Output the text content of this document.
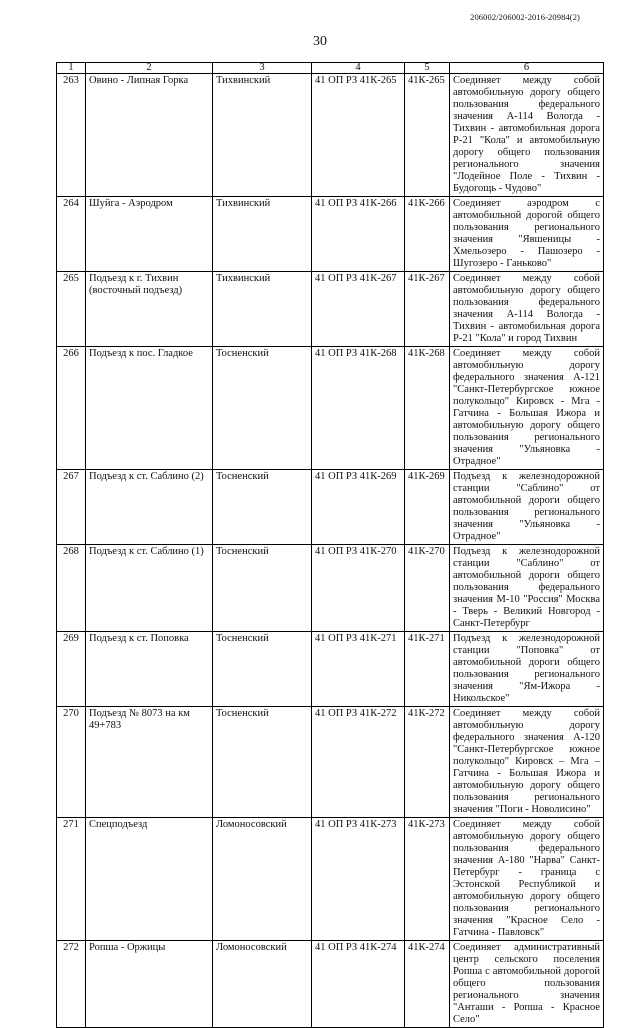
206002/206002-2016-20984(2)
30
1	2	3	4	5	6
263	Овино - Липная Горка	Тихвинский	41 ОП РЗ 41К-265	41К-265	Соединяет между собой автомобильную дорогу общего пользования федерального значения А-114 Вологда - Тихвин - автомобильная дорога Р-21 "Кола" и автомобильную дорогу общего пользования регионального значения "Лодейное Поле - Тихвин - Будогощь - Чудово"
264	Шуйга - Аэродром	Тихвинский	41 ОП РЗ 41К-266	41К-266	Соединяет аэродром с автомобильной дорогой общего пользования регионального значения "Явшеницы - Хмельозеро - Пашозеро - Шугозеро - Ганьково"
265	Подъезд к г. Тихвин (восточный подъезд)	Тихвинский	41 ОП РЗ 41К-267	41К-267	Соединяет между собой автомобильную дорогу общего пользования федерального значения А-114 Вологда - Тихвин - автомобильная дорога Р-21 "Кола" и город Тихвин
266	Подъезд к пос. Гладкое	Тосненский	41 ОП РЗ 41К-268	41К-268	Соединяет между собой автомобильную дорогу федерального значения А-121 "Санкт-Петербургское южное полукольцо" Кировск - Мга - Гатчина - Большая Ижора и автомобильную дорогу общего пользования регионального значения "Ульяновка - Отрадное"
267	Подъезд к ст. Саблино (2)	Тосненский	41 ОП РЗ 41К-269	41К-269	Подъезд к железнодорожной станции "Саблино" от автомобильной дороги общего пользования регионального значения "Ульяновка - Отрадное"
268	Подъезд к ст. Саблино (1)	Тосненский	41 ОП РЗ 41К-270	41К-270	Подъезд к железнодорожной станции "Саблино" от автомобильной дороги общего пользования федерального значения М-10 "Россия" Москва - Тверь - Великий Новгород - Санкт-Петербург
269	Подъезд к ст. Поповка	Тосненский	41 ОП РЗ 41К-271	41К-271	Подъезд к железнодорожной станции "Поповка" от автомобильной дороги общего пользования регионального значения "Ям-Ижора - Никольское"
270	Подъезд № 8073 на км 49+783	Тосненский	41 ОП РЗ 41К-272	41К-272	Соединяет между собой автомобильную дорогу федерального значения А-120 "Санкт-Петербургское южное полукольцо" Кировск – Мга – Гатчина - Большая Ижора и автомобильную дорогу общего пользования регионального значения "Поги - Новолисино"
271	Спецподъезд	Ломоносовский	41 ОП РЗ 41К-273	41К-273	Соединяет между собой автомобильную дорогу общего пользования федерального значения А-180 "Нарва" Санкт-Петербург - граница с Эстонской Республикой и автомобильную дорогу общего пользования регионального значения "Красное Село - Гатчина - Павловск"
272	Ропша - Оржицы	Ломоносовский	41 ОП РЗ 41К-274	41К-274	Соединяет административный центр сельского поселения Ропша с автомобильной дорогой общего пользования регионального значения "Анташи - Ропша - Красное Село"
